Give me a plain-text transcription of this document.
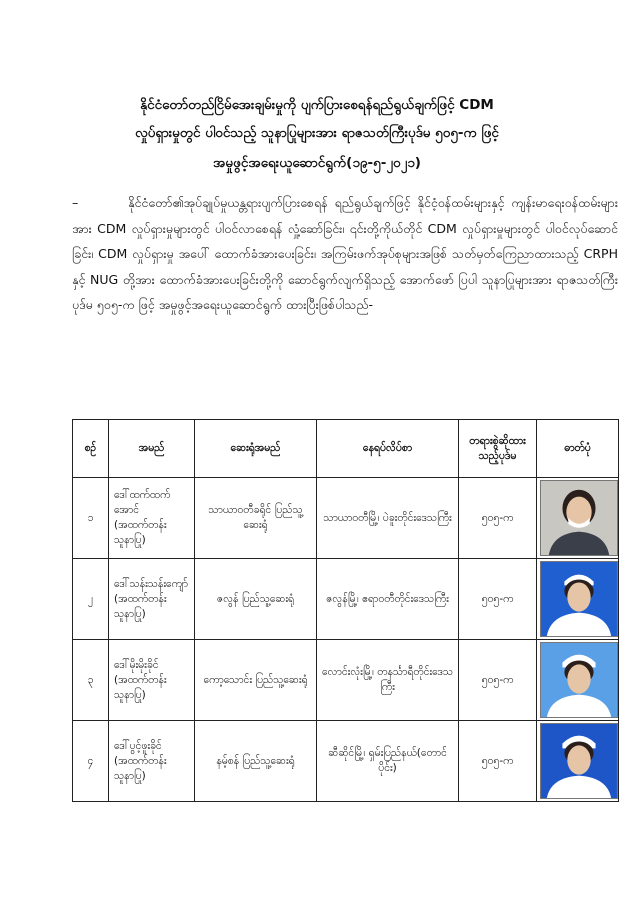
နိုင်ငံတော်တည်ငြိမ်အေးချမ်းမှုကို ပျက်ပြားစေရန်ရည်ရွယ်ချက်ဖြင့် CDM
လှုပ်ရှားမှုတွင် ပါဝင်သည့် သူနာပြုများအား ရာဇသတ်ကြီးပုဒ်မ ၅၀၅-က ဖြင့်
အမှုဖွင့်အရေးယူဆောင်ရွက်(၁၉-၅-၂၀၂၁)
–	နိုင်ငံတော်၏အုပ်ချုပ်မှုယန္တရားပျက်ပြားစေရန် ရည်ရွယ်ချက်ဖြင့် နိုင်ငံ့ဝန်ထမ်းများနှင့် ကျန်းမာရေးဝန်ထမ်းများအား CDM လှုပ်ရှားမှုများတွင် ပါဝင်လာစေရန် လှုံ့ဆော်ခြင်း၊ ၎င်းတို့ကိုယ်တိုင် CDM လှုပ်ရှားမှုများတွင် ပါဝင်လုပ်ဆောင်ခြင်း၊ CDM လှုပ်ရှားမှု အပေါ် ထောက်ခံအားပေးခြင်း၊ အကြမ်းဖက်အုပ်စုများအဖြစ် သတ်မှတ်ကြေညာထားသည့် CRPH နှင့် NUG တို့အား ထောက်ခံအားပေးခြင်းတို့ကို ဆောင်ရွက်လျက်ရှိသည့် အောက်ဖော် ပြပါ သူနာပြုများအား ရာဇသတ်ကြီးပုဒ်မ ၅၀၅-က ဖြင့် အမှုဖွင့်အရေးယူဆောင်ရွက် ထားပြီးဖြစ်ပါသည်-
စဉ်	အမည်	ဆေးရုံအမည်	နေရပ်လိပ်စာ	တရားစွဲဆိုထား သည့်ပုဒ်မ	ဓာတ်ပုံ
၁	ဒေါ်ထက်ထက်အောင် (အထက်တန်း သူနာပြု)	သာယာဝတီခရိုင် ပြည်သူ့ဆေးရုံ	သာယာဝတီမြို့၊ ပဲခူးတိုင်းဒေသကြီး	၅၀၅-က	

၂	ဒေါ်သန်းသန်းကျော် (အထက်တန်း သူနာပြု)	ဇလွန် ပြည်သူ့ဆေးရုံ	ဇလွန်မြို့၊ ဧရာဝတီတိုင်းဒေသကြီး	၅၀၅-က	

၃	ဒေါ်မိုးမိုးခိုင် (အထက်တန်း သူနာပြု)	ကော့သောင်း ပြည်သူ့ဆေးရုံ	လောင်းလုံးမြို့၊ တနင်္သာရီတိုင်းဒေသကြီး	၅၀၅-က	

၄	ဒေါ်ပွင့်ဖူးခိုင် (အထက်တန်း သူနာပြု)	နမ့်စန် ပြည်သူ့ဆေးရုံ	ဆီဆိုင်မြို့၊ ရှမ်းပြည်နယ်(တောင်ပိုင်း)	၅၀၅-က	
